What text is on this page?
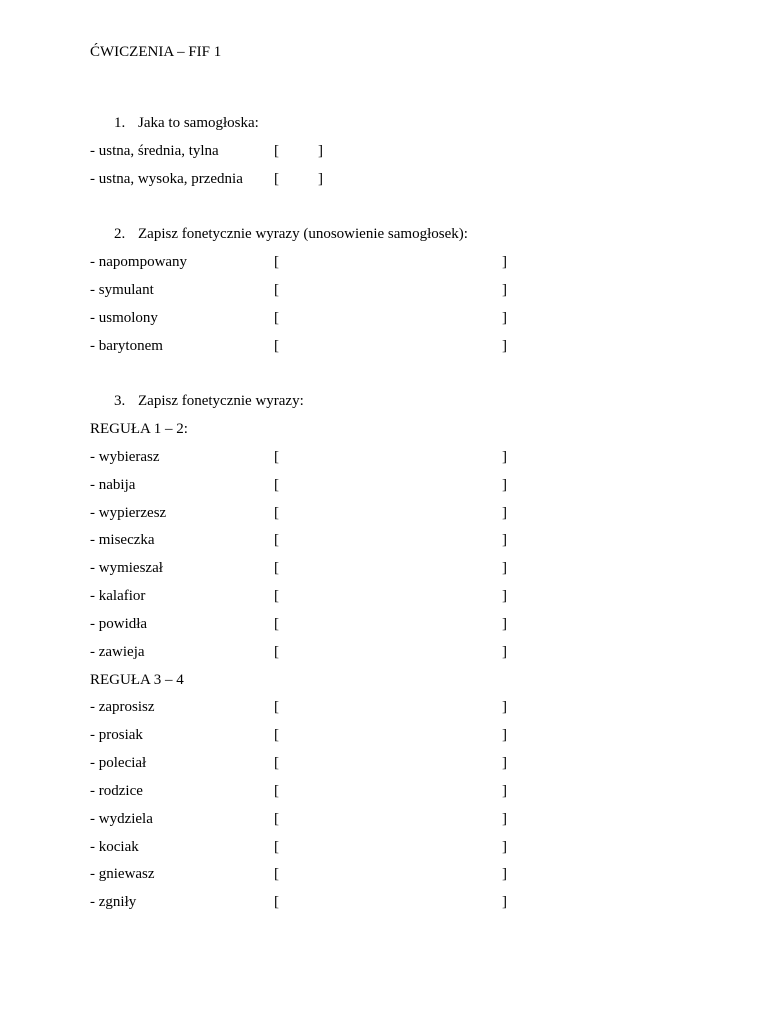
ĆWICZENIA – FIF 1
1. Jaka to samogłoska:
- ustna, średnia, tylna	[	]
- ustna, wysoka, przednia [	]
2. Zapisz fonetycznie wyrazy (unosowienie samogłosek):
- napompowany	[	]
- symulant	[	]
- usmolony	[	]
- barytonem	[	]
3. Zapisz fonetycznie wyrazy:
REGUŁA 1 – 2:
- wybierasz	[	]
- nabija	[	]
- wypierzesz	[	]
- miseczka	[	]
- wymieszał	[	]
- kalafior	[	]
- powidła	[	]
- zawieja	[	]
REGUŁA 3 – 4
- zaprosisz	[	]
- prosiak	[	]
- poleciał	[	]
- rodzice	[	]
- wydziela	[	]
- kociak	[	]
- gniewasz	[	]
- zgniły	[	]
